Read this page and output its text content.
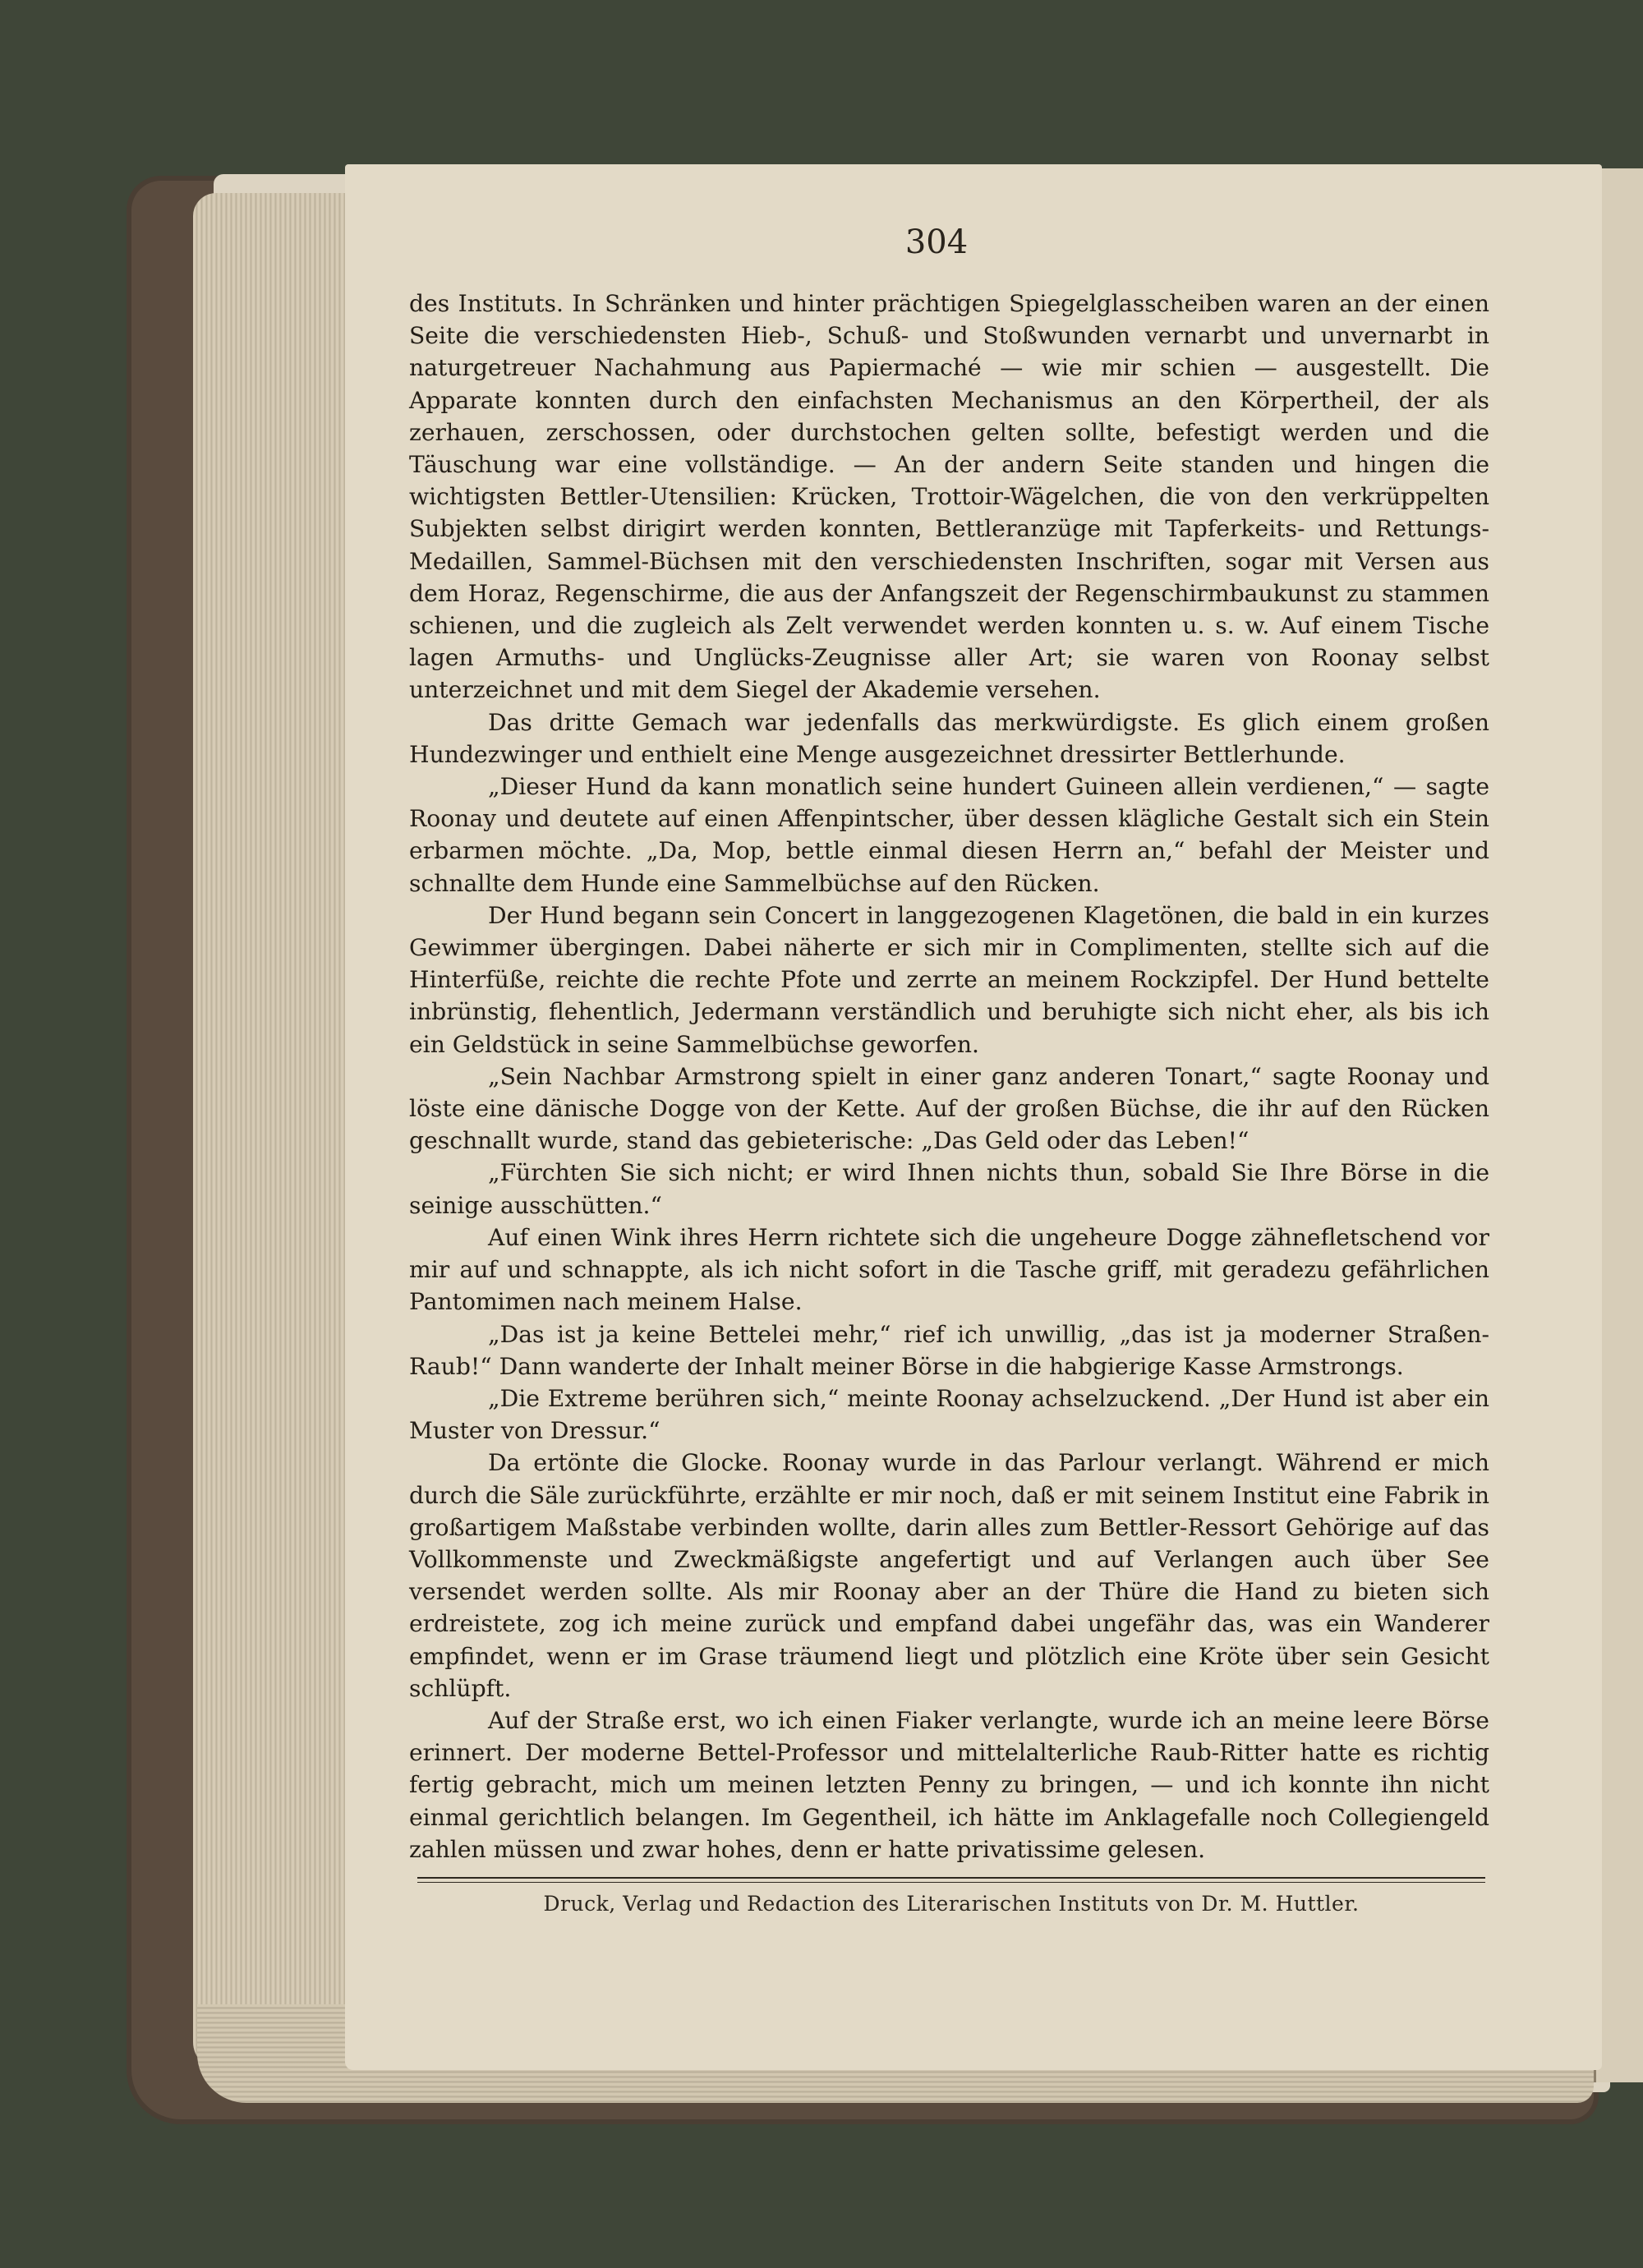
304

des Instituts. In Schränken und hinter prächtigen Spiegelglasscheiben waren an der einen Seite die verschiedensten Hieb-, Schuß- und Stoßwunden vernarbt und unvernarbt in naturgetreuer Nachahmung aus Papiermaché — wie mir schien — ausgestellt. Die Apparate konnten durch den einfachsten Mechanismus an den Körpertheil, der als zerhauen, zerschossen, oder durchstochen gelten sollte, befestigt werden und die Täuschung war eine vollständige. — An der andern Seite standen und hingen die wichtigsten Bettler-Utensilien: Krücken, Trottoir-Wägelchen, die von den verkrüppelten Subjekten selbst dirigirt werden konnten, Bettleranzüge mit Tapferkeits- und Rettungs-Medaillen, Sammel-Büchsen mit den verschiedensten Inschriften, sogar mit Versen aus dem Horaz, Regenschirme, die aus der Anfangszeit der Regenschirmbaukunst zu stammen schienen, und die zugleich als Zelt verwendet werden konnten u. s. w. Auf einem Tische lagen Armuths- und Unglücks-Zeugnisse aller Art; sie waren von Roonay selbst unterzeichnet und mit dem Siegel der Akademie versehen.

Das dritte Gemach war jedenfalls das merkwürdigste. Es glich einem großen Hundezwinger und enthielt eine Menge ausgezeichnet dressirter Bettlerhunde.

„Dieser Hund da kann monatlich seine hundert Guineen allein verdienen,“ — sagte Roonay und deutete auf einen Affenpintscher, über dessen klägliche Gestalt sich ein Stein erbarmen möchte. „Da, Mop, bettle einmal diesen Herrn an,“ befahl der Meister und schnallte dem Hunde eine Sammelbüchse auf den Rücken.

Der Hund begann sein Concert in langgezogenen Klagetönen, die bald in ein kurzes Gewimmer übergingen. Dabei näherte er sich mir in Complimenten, stellte sich auf die Hinterfüße, reichte die rechte Pfote und zerrte an meinem Rockzipfel. Der Hund bettelte inbrünstig, flehentlich, Jedermann verständlich und beruhigte sich nicht eher, als bis ich ein Geldstück in seine Sammelbüchse geworfen.

„Sein Nachbar Armstrong spielt in einer ganz anderen Tonart,“ sagte Roonay und löste eine dänische Dogge von der Kette. Auf der großen Büchse, die ihr auf den Rücken geschnallt wurde, stand das gebieterische: „Das Geld oder das Leben!“

„Fürchten Sie sich nicht; er wird Ihnen nichts thun, sobald Sie Ihre Börse in die seinige ausschütten.“

Auf einen Wink ihres Herrn richtete sich die ungeheure Dogge zähnefletschend vor mir auf und schnappte, als ich nicht sofort in die Tasche griff, mit geradezu gefährlichen Pantomimen nach meinem Halse.

„Das ist ja keine Bettelei mehr,“ rief ich unwillig, „das ist ja moderner Straßen-Raub!“ Dann wanderte der Inhalt meiner Börse in die habgierige Kasse Armstrongs.

„Die Extreme berühren sich,“ meinte Roonay achselzuckend. „Der Hund ist aber ein Muster von Dressur.“

Da ertönte die Glocke. Roonay wurde in das Parlour verlangt. Während er mich durch die Säle zurückführte, erzählte er mir noch, daß er mit seinem Institut eine Fabrik in großartigem Maßstabe verbinden wollte, darin alles zum Bettler-Ressort Gehörige auf das Vollkommenste und Zweckmäßigste angefertigt und auf Verlangen auch über See versendet werden sollte. Als mir Roonay aber an der Thüre die Hand zu bieten sich erdreistete, zog ich meine zurück und empfand dabei ungefähr das, was ein Wanderer empfindet, wenn er im Grase träumend liegt und plötzlich eine Kröte über sein Gesicht schlüpft.

Auf der Straße erst, wo ich einen Fiaker verlangte, wurde ich an meine leere Börse erinnert. Der moderne Bettel-Professor und mittelalterliche Raub-Ritter hatte es richtig fertig gebracht, mich um meinen letzten Penny zu bringen, — und ich konnte ihn nicht einmal gerichtlich belangen. Im Gegentheil, ich hätte im Anklagefalle noch Collegiengeld zahlen müssen und zwar hohes, denn er hatte privatissime gelesen.

Druck, Verlag und Redaction des Literarischen Instituts von Dr. M. Huttler.
